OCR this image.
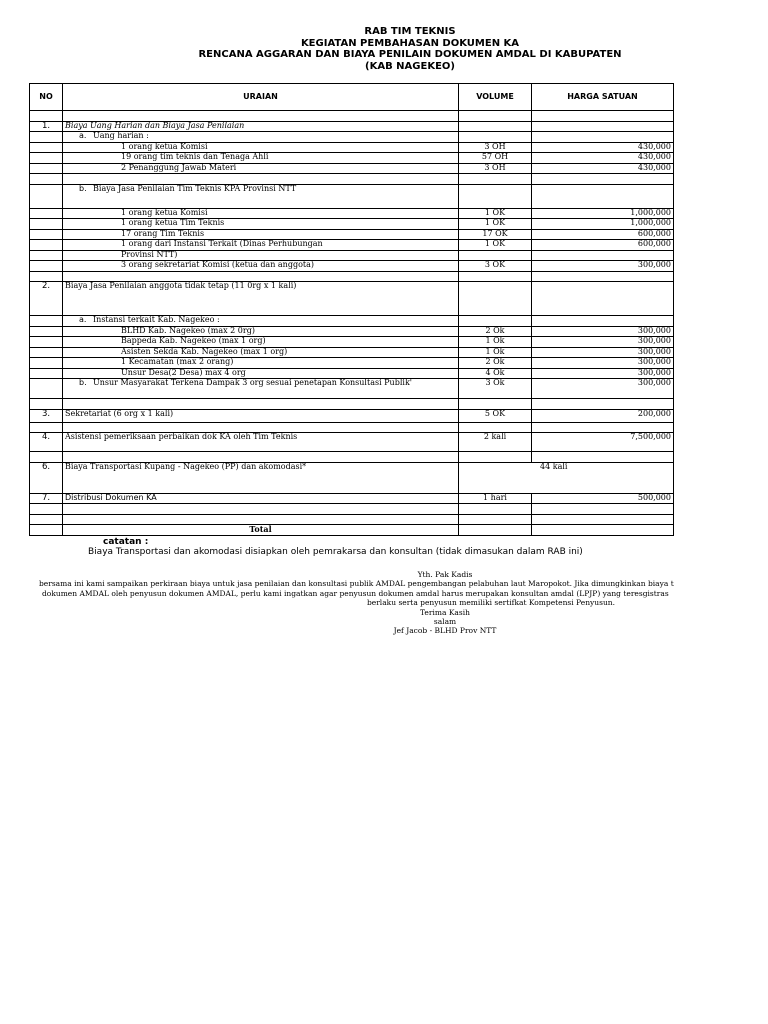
RAB TIM TEKNIS
KEGIATAN PEMBAHASAN DOKUMEN KA
RENCANA AGGARAN DAN BIAYA PENILAIN DOKUMEN AMDAL DI KABUPATEN
(KAB NAGEKEO)
NO	URAIAN	VOLUME	HARGA SATUAN

1.	Biaya Uang Harian dan Biaya Jasa Penilaian		
	a. Uang harian :		
	1 orang ketua Komisi	3 OH	430,000
	19 orang tim teknis dan Tenaga Ahli	57 OH	430,000
	2 Penanggung Jawab Materi	3 OH	430,000

	b. Biaya Jasa Penilaian Tim Teknis KPA Provinsi NTT		
	1 orang ketua Komisi	1 OK	1,000,000
	1 orang ketua Tim Teknis	1 OK	1,000,000
	17 orang Tim Teknis	17 OK	600,000
	1 orang dari Instansi Terkait (Dinas Perhubungan	1 OK	600,000
	Provinsi NTT)		
	3 orang sekretariat Komisi (ketua dan anggota)	3 OK	300,000

2.	Biaya Jasa Penilaian anggota tidak tetap (11 0rg x 1 kali)		
	a. Instansi terkait Kab. Nagekeo :		
	BLHD Kab. Nagekeo (max 2 0rg)	2 Ok	300,000
	Bappeda Kab. Nagekeo (max 1 org)	1 Ok	300,000
	Asisten Sekda Kab. Nagekeo (max 1 org)	1 Ok	300,000
	1 Kecamatan (max 2 orang)	2 Ok	300,000
	Unsur Desa(2 Desa) max 4 org	4 Ok	300,000
	b. Unsur Masyarakat Terkena Dampak 3 org sesuai penetapan Konsultasi Publik'	3 Ok	300,000

3.	Sekretariat (6 org x 1 kali)	5 OK	200,000

4.	Asistensi pemeriksaan perbaikan dok KA oleh Tim Teknis	2 kali	7,500,000

6.	Biaya Transportasi Kupang - Nagekeo (PP) dan akomodasi*	44 kali	
7.	Distribusi Dokumen KA	1 hari	500,000

	Total		
catatan :
Biaya Transportasi dan akomodasi disiapkan oleh pemrakarsa dan konsultan (tidak dimasukan dalam RAB ini)
Yth. Pak Kadis
bersama ini kami sampaikan perkiraan biaya untuk jasa penilaian dan konsultasi publik AMDAL pengembangan pelabuhan laut Maropokot. Jika dimungkinkan biaya t
dokumen AMDAL oleh penyusun dokumen AMDAL, perlu kami ingatkan agar penyusun dokumen amdal harus merupakan konsultan amdal (LPJP) yang teresgistras
berlaku serta penyusun memiliki sertifkat Kompetensi Penyusun.
Terima Kasih
salam
Jef Jacob - BLHD Prov NTT
